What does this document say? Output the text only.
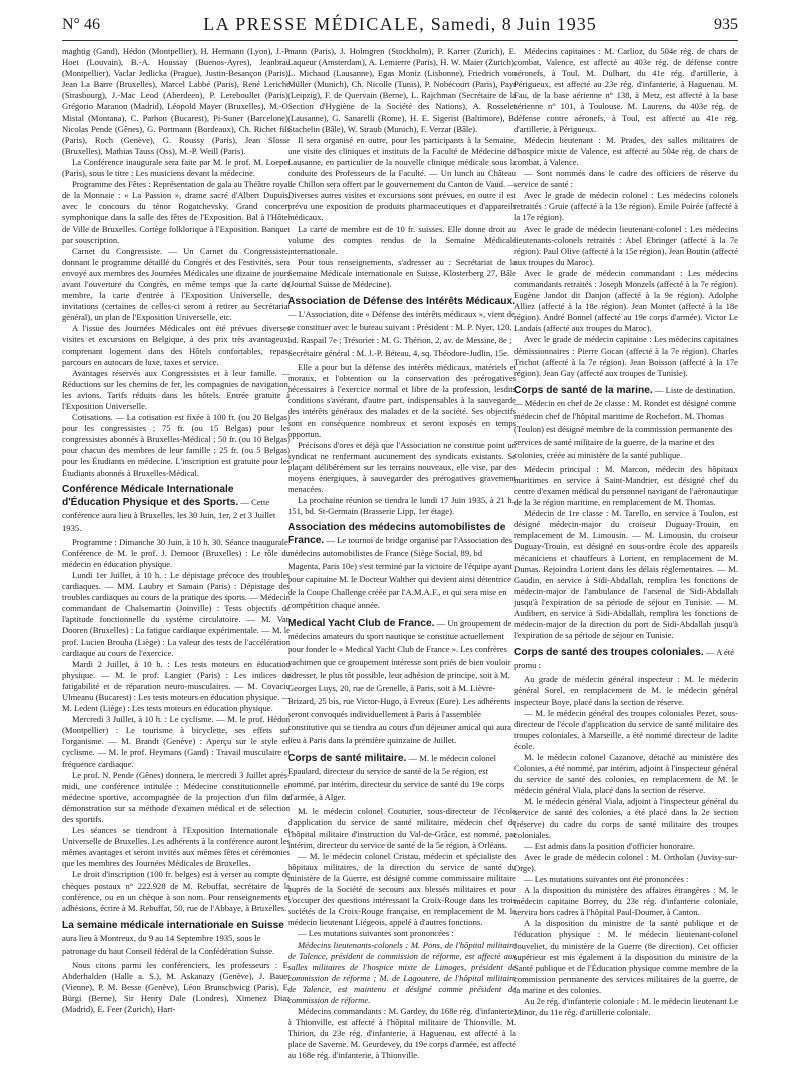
N° 46	LA PRESSE MÉDICALE, Samedi, 8 Juin 1935	935

maghtig (Gand), Hédon (Montpellier), H. Hermann (Lyon), J.-P. Hoet (Louvain), B.-A. Houssay (Buenos-Ayres), Jeanbrau (Montpellier), Vaclar Jedlicka (Prague), Justin-Besançon (Paris), Jean La Barre (Bruxelles), Marcel Labbé (Paris), René Leriche (Strasbourg), J.-Mac Leod (Aberdeen), P. Lereboullet (Paris), Grégorio Maranon (Madrid), Léopold Mayer (Bruxelles), M.-O. Mistal (Montana), C. Parhon (Bucarest), Pi-Suner (Barcelone), Nicolas Pende (Gênes), G. Portmann (Bordeaux), Ch. Richet fils (Paris), Roch (Genève), G. Roussy (Paris), Jean Slosse (Bruxelles), Mathias Tauss (Oss), M.-P. Weill (Paris).

La Conférence inaugurale sera faite par M. le prof. M. Loeper (Paris), sous le titre : Les musiciens devant la médecine.

Programme des Fêtes : Représentation de gala au Théâtre royal de la Monnaie : « La Passion », drame sacré d'Albert Dupuis, avec le concours du ténor Rogatchevsky. Grand concert symphonique dans la salle des fêtes de l'Exposition. Bal à l'Hôtel de Ville de Bruxelles. Cortège folklorique à l'Exposition. Banquet par souscription.

Carnet du Congressiste. — Un Carnet du Congressiste, donnant le programme détaillé du Congrès et des Festivités, sera envoyé aux membres des Journées Médicales une dizaine de jours avant l'ouverture du Congrès, en même temps que la carte de membre, la carte d'entrée à l'Exposition Universelle, des invitations (certaines de celles-ci seront à retirer au Secrétariat général), un plan de l'Exposition Universelle, etc.

A l'issue des Journées Médicales ont été prévues diverses visites et excursions en Belgique, à des prix très avantageux, comprenant logement dans des Hôtels confortables, repas, parcours en autocars de luxe, taxes et service.

Avantages réservés aux Congressistes et à leur famille. — Réductions sur les chemins de fer, les compagnies de navigation, les avions. Tarifs réduits dans les hôtels. Entrée gratuite à l'Exposition Universelle.

Cotisations. — La cotisation est fixée à 100 fr. (ou 20 Belgas) pour les congressistes ; 75 fr. (ou 15 Belgas) pour les congressistes abonnés à Bruxelles-Médical ; 50 fr. (ou 10 Belgas) pour chacun des membres de leur famille ; 25 fr. (ou 5 Belgas) pour les Étudiants en médecine. L'inscription est gratuite pour les Étudiants abonnés à Bruxelles-Médical.

Conférence Médicale Internationale d'Éducation Physique et des Sports. — Cette conférence aura lieu à Bruxelles, les 30 Juin, 1er, 2 et 3 Juillet 1935.

Programme : Dimanche 30 Juin, à 10 h. 30. Séance inaugurale. Conférence de M. le prof. J. Demoor (Bruxelles) : Le rôle du médecin en éducation physique.

Lundi 1er Juillet, à 10 h. : Le dépistage précoce des troubles cardiaques. — MM. Laubry et Samain (Paris) : Dépistage des troubles cardiaques au cours de la pratique des sports. — Médecin commandant de Chalsemartin (Joinville) : Tests objectifs de l'aptitude fonctionnelle du système circulatoire. — M. Van Dooren (Bruxelles) : La fatigue cardiaque expérimentale. — M. le prof. Lucien Brouha (Liège) : La valeur des tests de l'accélération cardiaque au cours de l'exercice.

Mardi 2 Juillet, à 10 h. : Les tests moteurs en éducation physique. — M. le prof. Langier (Paris) : Les indices de fatigabilité et de réparation neuro-musculaires. — M. Covaciu Ulmeanu (Bucarest) : Les tests moteurs en éducation physique. — M. Ledent (Liège) : Les tests moteurs en éducation physique.

Mercredi 3 Juillet, à 10 h. : Le cyclisme. — M. le prof. Hédon (Montpellier) : Le tourisme à bicyclette, ses effets sur l'organisme. — M. Brandt (Genève) : Aperçu sur le style en cyclisme. — M. le prof. Heymans (Gand) : Travail musculaire et fréquence cardiaque.

Le prof. N. Pende (Gênes) donnera, le mercredi 3 Juillet après-midi, une conférence intitulée : Médecine constitutionnelle et médecine sportive, accompagnée de la projection d'un film de démonstration sur sa méthode d'examen médical et de sélection des sportifs.

Les séances se tiendront à l'Exposition Internationale et Universelle de Bruxelles. Les adhérents à la conférence auront les mêmes avantages et seront invités aux mêmes fêtes et cérémonies que les membres des Journées Médicales de Bruxelles.

Le droit d'inscription (100 fr. belges) est à verser au compte de chèques postaux n° 222.928 de M. Rebuffat, secrétaire de la conférence, ou en un chèque à son nom. Pour renseignements et adhésions, écrire à M. Rebuffat, 50, rue de l'Abbaye, à Bruxelles.

La semaine médicale internationale en Suisse aura lieu à Montreux, du 9 au 14 Septembre 1935, sous le patronage du haut Conseil fédéral de la Confédération Suisse.

Nous citons parmi les conférenciers, les professeurs : E. Abderhalden (Halle a. S.), M. Askanazy (Genève), J. Bauer (Vienne), P. M. Besse (Genève), Léon Brunschwicg (Paris), E. Bürgi (Berne), Sir Henry Dale (Londres), Ximenez Diaz (Madrid), E. Feer (Zurich), Hart-

mann (Paris), J. Holmgren (Stockholm), P. Karrer (Zurich), E. Laqueur (Amsterdam), A. Lemierre (Paris), H. W. Maier (Zurich), L. Michaud (Lausanne), Egas Moniz (Lisbonne), Friedrich von Müller (Munich), Ch. Nicolle (Tunis), P. Nobécourt (Paris), Payr (Leipzig), F. de Quervain (Berne), L. Rajchman (Secrétaire de la Section d'Hygiène de la Société des Nations), A. Rosselet (Lausanne), G. Sanarelli (Rome), H. E. Sigerist (Baltimore), B. Stachelin (Bâle), W. Straub (Munich), F. Verzar (Bâle).

Il sera organisé en outre, pour les participants à la Semaine, une visite des cliniques et instituts de la Faculté de Médecine de Lausanne, en particulier de la nouvelle clinique médicale sous la conduite des Professeurs de la Faculté. — Un lunch au Château de Chillon sera offert par le gouvernement du Canton de Vaud. — Diverses autres visites et excursions sont prévues, en outre il est prévu une exposition de produits pharmaceutiques et d'appareils médicaux.

La carte de membre est de 10 fr. suisses. Elle donne droit au volume des comptes rendus de la Semaine Médicale internationale.

Pour tous renseignements, s'adresser au : Secrétariat de la Semaine Médicale internationale en Suisse, Klosterberg 27, Bâle (Journal Suisse de Médecine).

Association de Défense des Intérêts Médicaux. — L'Association, dite « Défense des intérêts médicaux », vient de se constituer avec le bureau suivant : Président : M. P. Nyer, 120, bd. Raspail 7e ; Trésorier : M. G. Thérion, 2, av. de Messine, 8e ; Secrétaire général : M. J.-P. Béteau, 4, sq. Théodore-Judlin, 15e.

Elle a pour but la défense des intérêts médicaux, matériels et moraux, et l'obtention ou la conservation des prérogatives nécessaires à l'exercice normal et libre de la profession, lesdits conditions s'avérant, d'autre part, indispensables à la sauvegarde des intérêts généraux des malades et de la société. Ses objectifs sont en conséquence nombreux et seront exposés en temps opportun.

Précisons d'ores et déjà que l'Association ne constitue point un syndicat ne renfermant aucunement des syndicats existants. Se plaçant délibérément sur les terrains nouveaux, elle vise, par des moyens énergiques, à sauvegarder des prérogatives gravement menacées.

La prochaine réunion se tiendra le lundi 17 Juin 1935, à 21 h., 151, bd. St-Germain (Brasserie Lipp, 1er étage).

Association des médecins automobilistes de France. — Le tournoi de bridge organisé par l'Association des médecins automobilistes de France (Siège Social, 89, bd Magenta, Paris 10e) s'est terminé par la victoire de l'équipe ayant pour capitaine M. le Docteur Walther qui devient ainsi détentrice de la Coupe Challenge créée par l'A.M.A.F., et qui sera mise en compétition chaque année.
Medical Yacht Club de France. — Un groupement de médecins amateurs du sport nautique se constitue actuellement pour fonder le « Medical Yacht Club de France ». Les confrères yachtmen que ce groupement intéresse sont priés de bien vouloir adresser, le plus tôt possible, leur adhésion de principe, soit à M. Georges Luys, 20, rue de Grenelle, à Paris, soit à M. Lièvre-Brizard, 25 bis, rue Victor-Hugo, à Evreux (Eure). Les adhérents seront convoqués individuellement à Paris à l'assemblée constitutive qui se tiendra au cours d'un déjeuner amical qui aura lieu à Paris dans la première quinzaine de Juillet.
Corps de santé militaire. — M. le médecin colonel Epaulard, directeur du service de santé de la 5e région, est nommé, par intérim, directeur du service de santé du 19e corps d'armée, à Alger.

M. le médecin colonel Couturier, sous-directeur de l'école d'application du service de santé militaire, médecin chef de l'hôpital militaire d'instruction du Val-de-Grâce, est nommé, par intérim, directeur du service de santé de la 5e région, à Orléans.

— M. le médecin colonel Cristau, médecin et spécialiste des hôpitaux militaires, de la direction du service de santé du ministère de la Guerre, est désigné comme commissaire militaire auprès de la Société de secours aux blessés militaires et pour s'occuper des questions intéressant la Croix-Rouge dans les trois sociétés de la Croix-Rouge française, en remplacement de M. le médecin lieutenant Liégeois, appelé à d'autres fonctions.

— Les mutations suivantes sont prononcées :

Médecins lieutenants-colonels : M. Pons, de l'hôpital militaire de Talence, président de commission de réforme, est affecté aux salles militaires de l'hospice mixte de Limoges, président de commission de réforme ; M. de Lagoutere, de l'hôpital militaire de Talence, est maintenu et désigné comme président de commission de réforme.

Médecins commandants : M. Gardey, du 168e rég. d'infanterie, à Thionville, est affecté à l'hôpital militaire de Thionville. M. Thirion, du 23e rég. d'infanterie, à Haguenau, est affecté à la place de Saverne. M. Geurdevey, du 19e corps d'armée, est affecté au 168e rég. d'infanterie, à Thionville.

Médecins capitaines : M. Carlioz, du 504e rég. de chars de combat, Valence, est affecté au 403e rég. de défense contre aéronefs, à Toul. M. Dulhart, du 41e rég. d'artillerie, à Périgueux, est affecté au 23e rég. d'infanterie, à Haguenau. M. Fau, de la base aérienne n° 138, à Metz, est affecté à la base aérienne n° 101, à Toulouse. M. Laurens, du 403e rég. de défense contre aéronefs, à Toul, est affecté au 41e rég. d'artillerie, à Périgueux.

Médecin lieutenant : M. Prades, des salles militaires de l'hospice mixte de Valence, est affecté au 504e rég. de chars de combat, à Valence.

— Sont nommés dans le cadre des officiers de réserve du service de santé :

Avec le grade de médecin colonel : Les médecins colonels retraités : Gruie (affecté à la 13e région). Emile Poirée (affecté à la 17e région).

Avec le grade de médecin lieutenant-colonel : Les médecins lieutenants-colonels retraités : Abel Ebringer (affecté à la 7e région). Paul Olive (affecté à la 15e région). Jean Boutin (affecté aux troupes du Maroc).

Avec le grade de médecin commandant : Les médecins commandants retraités : Joseph Monzels (affecté à la 7e région). Eugène Jandot dit Danjon (affecté à la 9e région). Adolphe Alliez (affecté à la 18e région). Jean Montet (affecté à la 18e région). André Bonnel (affecté au 19e corps d'armée). Victor Le Landais (affecté aux troupes du Maroc).

Avec le grade de médecin capitaine : Les médecins capitaines démissionnaires : Pierre Gocan (affecté à la 7e région). Charles Trichot (affecté à la 7e région). Jean Boisson (affecté à la 17e région). Jean Gay (affecté aux troupes de Tunisie).

Corps de santé de la marine. — Liste de destination. — Médecin en chef de 2e classe : M. Rondet est désigné comme médecin chef de l'hôpital maritime de Rochefort. M. Thomas (Toulon) est désigné membre de la commission permanente des services de santé militaire de la guerre, de la marine et des colonies, créée au ministère de la santé publique.

Médecin principal : M. Marcon, médecin des hôpitaux maritimes en service à Saint-Mandrier, est désigné chef du centre d'examen médical du personnel navigant de l'aéronautique de la 3e région maritime, en remplacement de M. Thomas.

Médecin de 1re classe : M. Tarello, en service à Toulon, est désigné médecin-major du croiseur Duguay-Trouin, en remplacement de M. Limousin. — M. Limousin, du croiseur Duguay-Trouin, est désigné en sous-ordre école des appareils mécaniciens et chauffeurs à Lorient, en remplacement de M. Dumas. Rejoindra Lorient dans les délais réglementaires. — M. Gaudin, en service à Sidi-Abdallah, remplira les fonctions de médecin-major de l'ambulance de l'arsenal de Sidi-Abdallah jusqu'à l'expiration de sa période de séjour en Tunisie. — M. Audibert, en service à Sidi-Abdallah, remplira les fonctions de médecin-major de la direction du port de Sidi-Abdallah jusqu'à l'expiration de sa période de séjour en Tunisie.

Corps de santé des troupes coloniales. — A été promu :

Au grade de médecin général inspecteur : M. le médecin général Sorel, en remplacement de M. le médecin général inspecteur Boye, placé dans la section de réserve.

— M. le médecin général des troupes coloniales Pezet, sous-directeur de l'école d'application du service de santé militaire des troupes coloniales, à Marseille, a été nommé directeur de ladite école.

M. le médecin colonel Cazanove, détaché au ministère des Colonies, a été nommé, par intérim, adjoint à l'inspecteur général du service de santé des colonies, en remplacement de M. le médecin général Viala, placé dans la section de réserve.

M. le médecin général Viala, adjoint à l'inspecteur général du service de santé des colonies, a été placé dans la 2e section (réserve) du cadre du corps de santé militaire des troupes coloniales.

— Est admis dans la position d'officier honoraire.

Avec le grade de médecin colonel : M. Ortholan (Juvisy-sur-Orge).

— Les mutations suivantes ont été prononcées :

A la disposition du ministère des affaires étrangères : M. le médecin capitaine Borrey, du 23e rég. d'infanterie coloniale, servira hors cadres à l'hôpital Paul-Doumer, à Canton.

A la disposition du ministre de la santé publique et de l'éducation physique : M. le médecin lieutenant-colonel Jouveliet, du ministère de la Guerre (8e direction). Cet officier supérieur est mis également à la disposition du ministre de la Santé publique et de l'Éducation physique comme membre de la commission permanente des services militaires de la guerre, de la marine et des colonies.

Au 2e rég. d'infanterie coloniale : M. le médecin lieutenant Le Minor, du 11e rég. d'artillerie coloniale.
